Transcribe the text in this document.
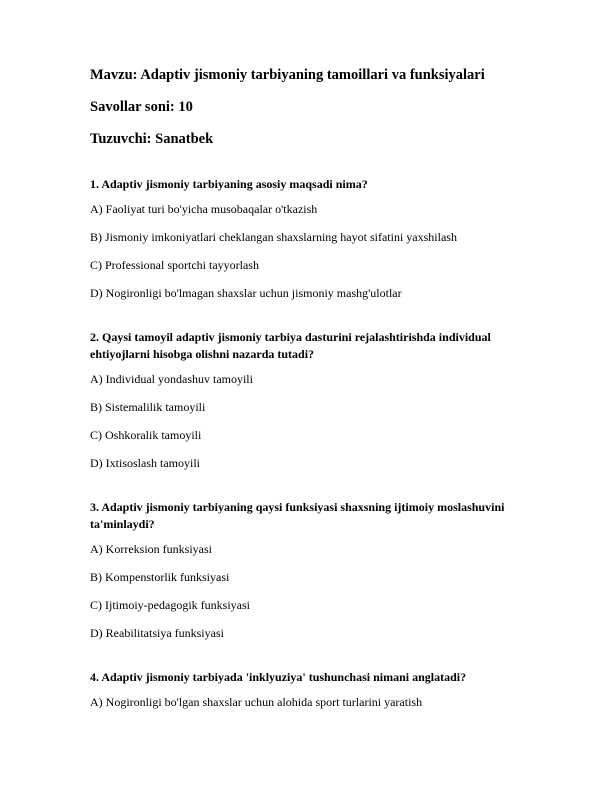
Mavzu: Adaptiv jismoniy tarbiyaning tamoillari va funksiyalari
Savollar soni: 10
Tuzuvchi: Sanatbek
1. Adaptiv jismoniy tarbiyaning asosiy maqsadi nima?
A) Faoliyat turi bo'yicha musobaqalar o'tkazish
B) Jismoniy imkoniyatlari cheklangan shaxslarning hayot sifatini yaxshilash
C) Professional sportchi tayyorlash
D) Nogironligi bo'lmagan shaxslar uchun jismoniy mashg'ulotlar
2. Qaysi tamoyil adaptiv jismoniy tarbiya dasturini rejalashtirishda individual ehtiyojlarni hisobga olishni nazarda tutadi?
A) Individual yondashuv tamoyili
B) Sistemalilik tamoyili
C) Oshkoralik tamoyili
D) Ixtisoslash tamoyili
3. Adaptiv jismoniy tarbiyaning qaysi funksiyasi shaxsning ijtimoiy moslashuvini ta'minlaydi?
A) Korreksion funksiyasi
B) Kompenstorlik funksiyasi
C) Ijtimoiy-pedagogik funksiyasi
D) Reabilitatsiya funksiyasi
4. Adaptiv jismoniy tarbiyada 'inklyuziya' tushunchasi nimani anglatadi?
A) Nogironligi bo'lgan shaxslar uchun alohida sport turlarini yaratish
